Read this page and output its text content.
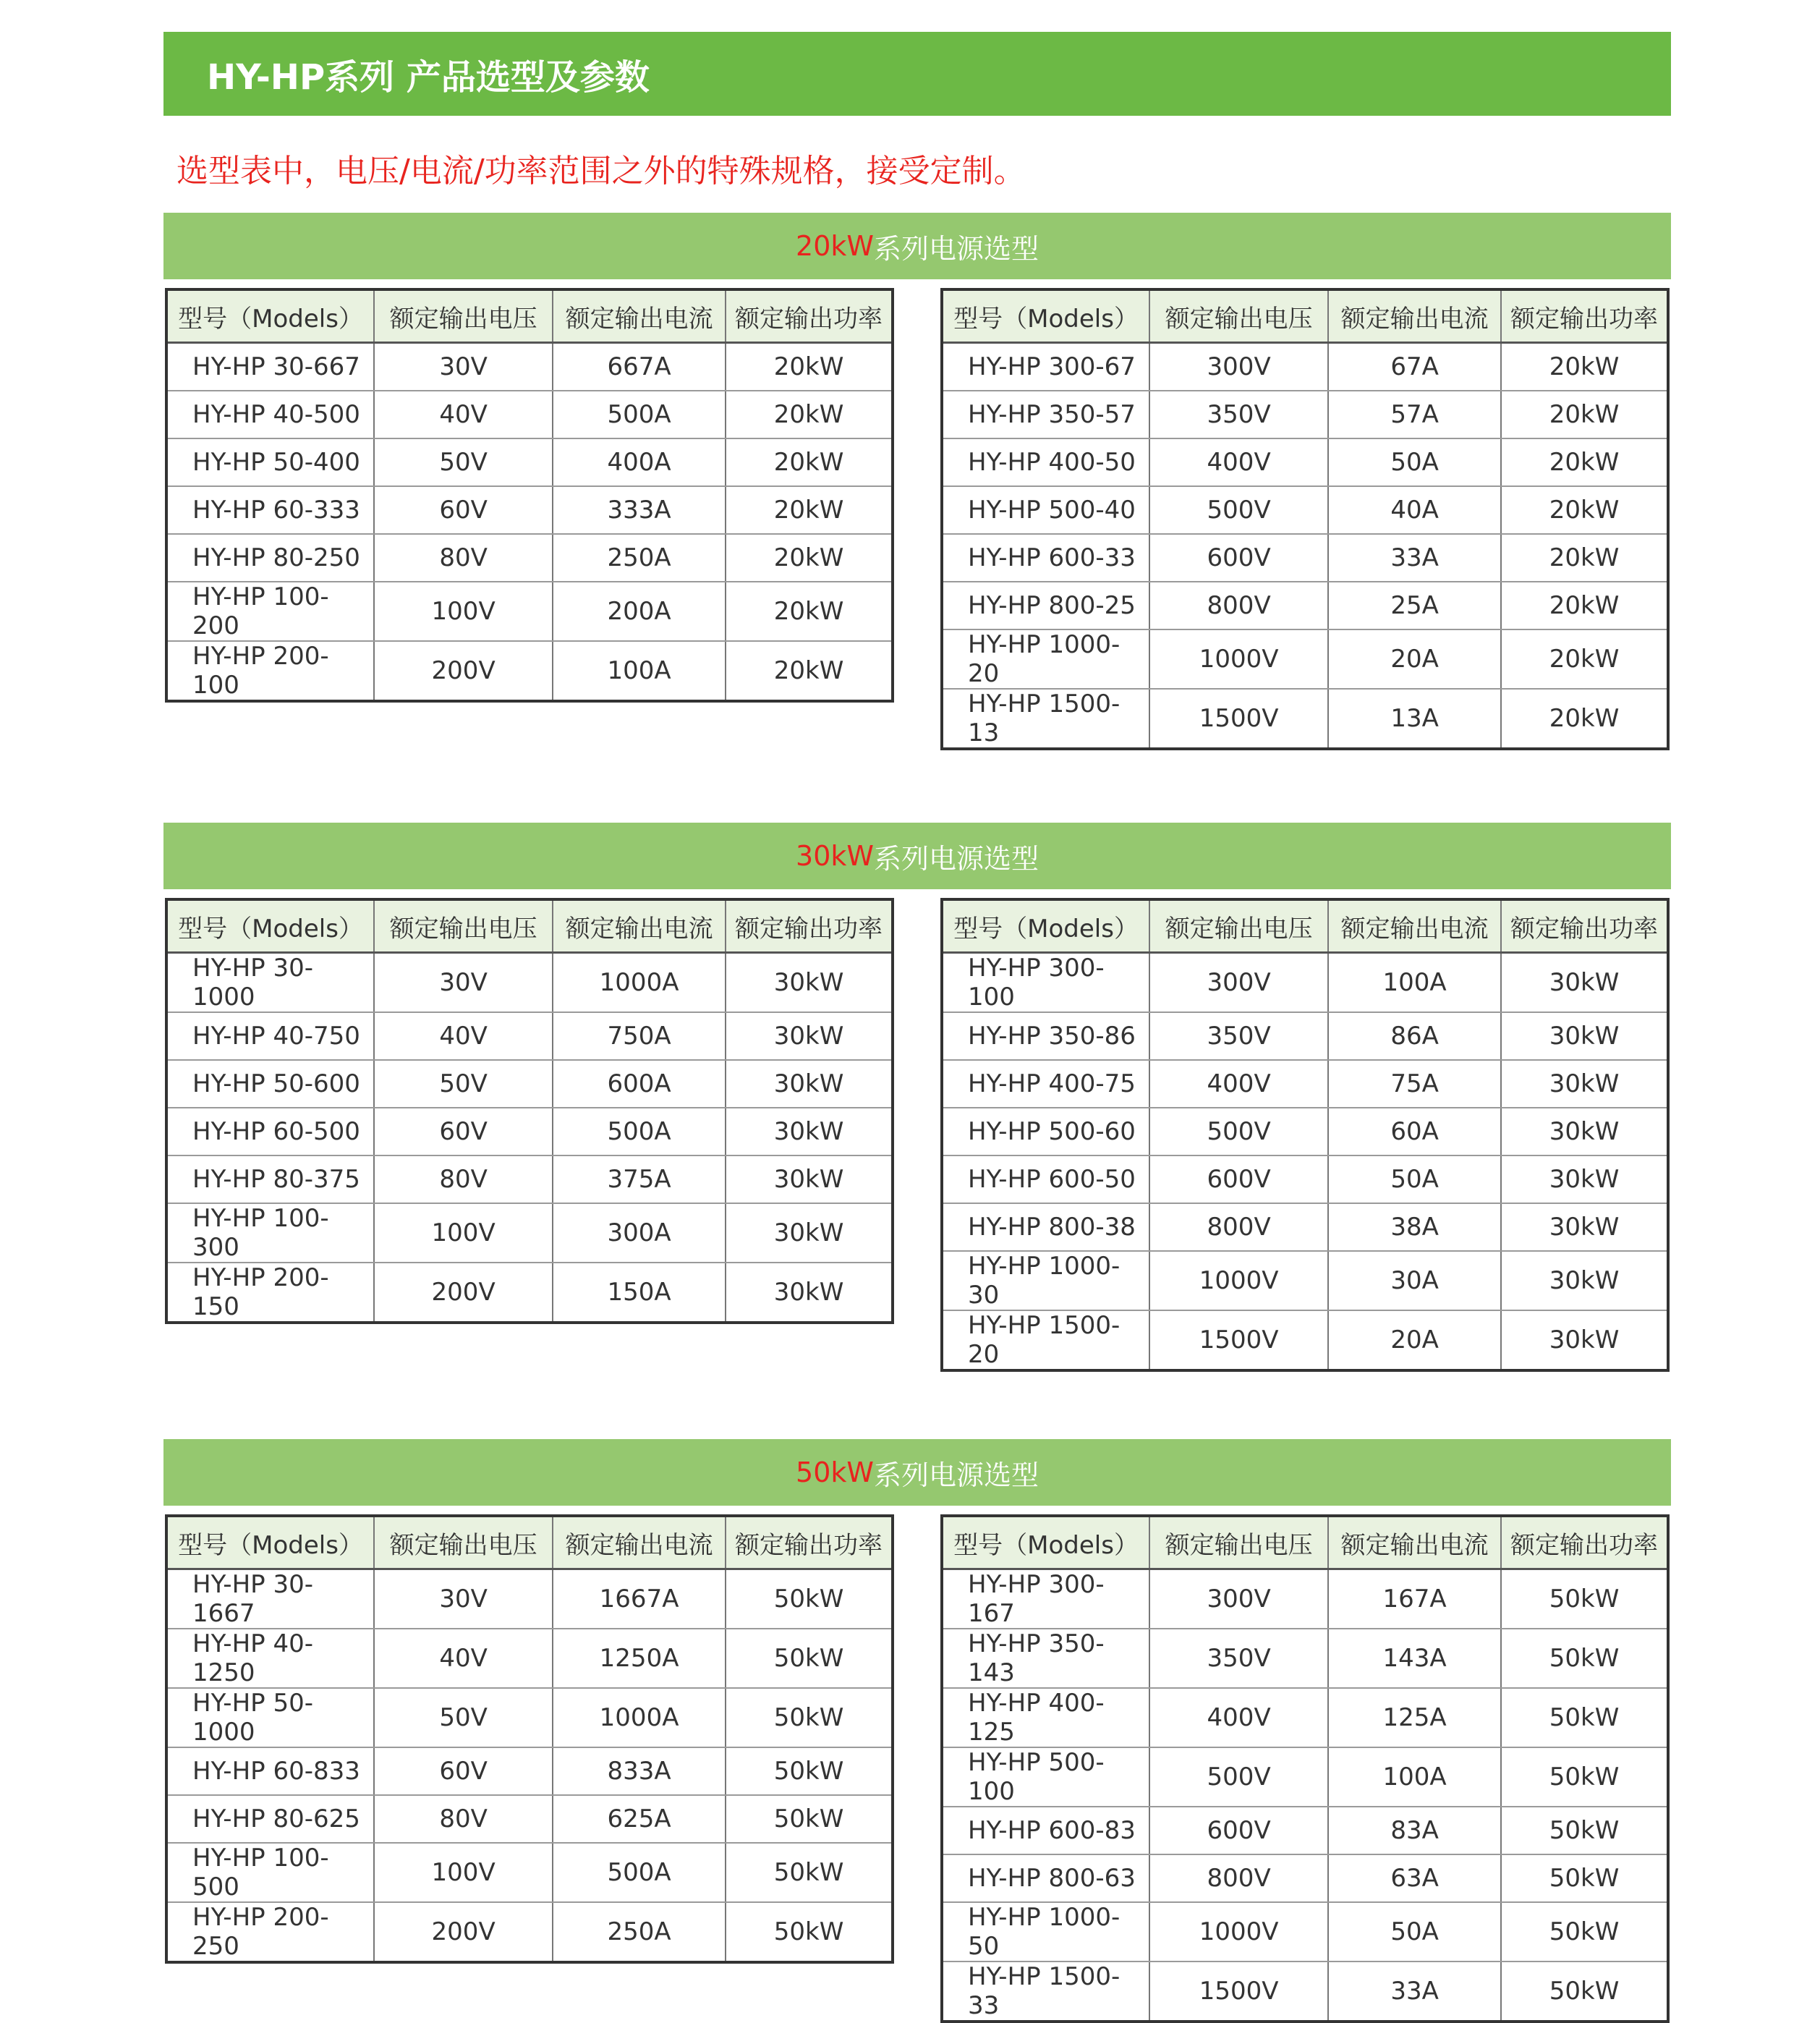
HY-HP系列 产品选型及参数
选型表中，电压/电流/功率范围之外的特殊规格，接受定制。
20kW 系列电源选型
型号（Models）	额定输出电压	额定输出电流	额定输出功率
HY-HP 30-667	30V	667A	20kW
HY-HP 40-500	40V	500A	20kW
HY-HP 50-400	50V	400A	20kW
HY-HP 60-333	60V	333A	20kW
HY-HP 80-250	80V	250A	20kW
HY-HP 100-200	100V	200A	20kW
HY-HP 200-100	200V	100A	20kW
型号（Models）	额定输出电压	额定输出电流	额定输出功率
HY-HP 300-67	300V	67A	20kW
HY-HP 350-57	350V	57A	20kW
HY-HP 400-50	400V	50A	20kW
HY-HP 500-40	500V	40A	20kW
HY-HP 600-33	600V	33A	20kW
HY-HP 800-25	800V	25A	20kW
HY-HP 1000-20	1000V	20A	20kW
HY-HP 1500-13	1500V	13A	20kW
30kW 系列电源选型
型号（Models）	额定输出电压	额定输出电流	额定输出功率
HY-HP 30-1000	30V	1000A	30kW
HY-HP 40-750	40V	750A	30kW
HY-HP 50-600	50V	600A	30kW
HY-HP 60-500	60V	500A	30kW
HY-HP 80-375	80V	375A	30kW
HY-HP 100-300	100V	300A	30kW
HY-HP 200-150	200V	150A	30kW
型号（Models）	额定输出电压	额定输出电流	额定输出功率
HY-HP 300-100	300V	100A	30kW
HY-HP 350-86	350V	86A	30kW
HY-HP 400-75	400V	75A	30kW
HY-HP 500-60	500V	60A	30kW
HY-HP 600-50	600V	50A	30kW
HY-HP 800-38	800V	38A	30kW
HY-HP 1000-30	1000V	30A	30kW
HY-HP 1500-20	1500V	20A	30kW
50kW 系列电源选型
型号（Models）	额定输出电压	额定输出电流	额定输出功率
HY-HP 30-1667	30V	1667A	50kW
HY-HP 40-1250	40V	1250A	50kW
HY-HP 50-1000	50V	1000A	50kW
HY-HP 60-833	60V	833A	50kW
HY-HP 80-625	80V	625A	50kW
HY-HP 100-500	100V	500A	50kW
HY-HP 200-250	200V	250A	50kW
型号（Models）	额定输出电压	额定输出电流	额定输出功率
HY-HP 300-167	300V	167A	50kW
HY-HP 350-143	350V	143A	50kW
HY-HP 400-125	400V	125A	50kW
HY-HP 500-100	500V	100A	50kW
HY-HP 600-83	600V	83A	50kW
HY-HP 800-63	800V	63A	50kW
HY-HP 1000-50	1000V	50A	50kW
HY-HP 1500-33	1500V	33A	50kW
